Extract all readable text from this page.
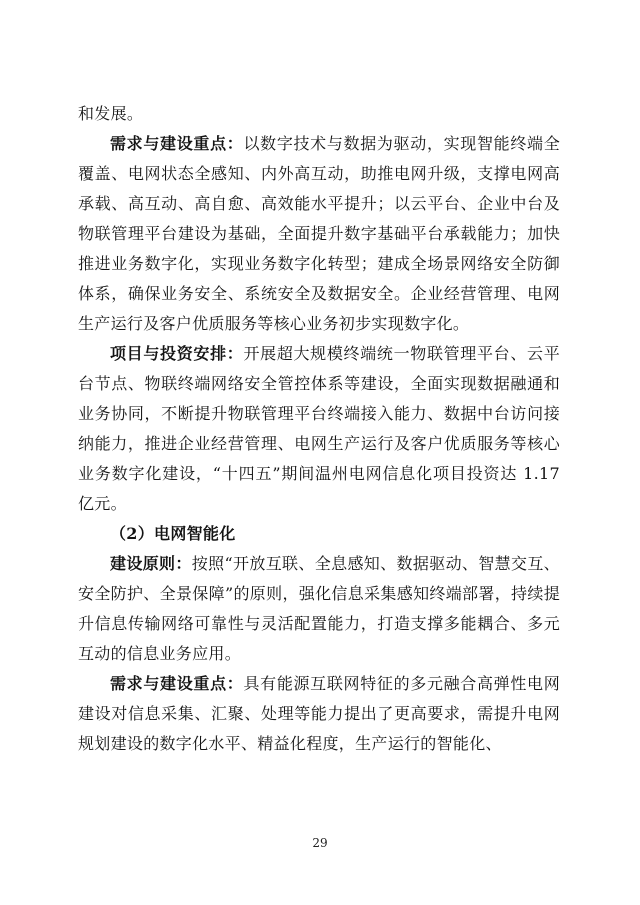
和发展。

需求与建设重点：以数字技术与数据为驱动，实现智能终端全覆盖、电网状态全感知、内外高互动，助推电网升级，支撑电网高承载、高互动、高自愈、高效能水平提升；以云平台、企业中台及物联管理平台建设为基础，全面提升数字基础平台承载能力；加快推进业务数字化，实现业务数字化转型；建成全场景网络安全防御体系，确保业务安全、系统安全及数据安全。企业经营管理、电网生产运行及客户优质服务等核心业务初步实现数字化。

项目与投资安排：开展超大规模终端统一物联管理平台、云平台节点、物联终端网络安全管控体系等建设，全面实现数据融通和业务协同，不断提升物联管理平台终端接入能力、数据中台访问接纳能力，推进企业经营管理、电网生产运行及客户优质服务等核心业务数字化建设，“十四五”期间温州电网信息化项目投资达 1.17 亿元。

（2）电网智能化

建设原则：按照“开放互联、全息感知、数据驱动、智慧交互、安全防护、全景保障”的原则，强化信息采集感知终端部署，持续提升信息传输网络可靠性与灵活配置能力，打造支撑多能耦合、多元互动的信息业务应用。

需求与建设重点：具有能源互联网特征的多元融合高弹性电网建设对信息采集、汇聚、处理等能力提出了更高要求，需提升电网规划建设的数字化水平、精益化程度，生产运行的智能化、

29
